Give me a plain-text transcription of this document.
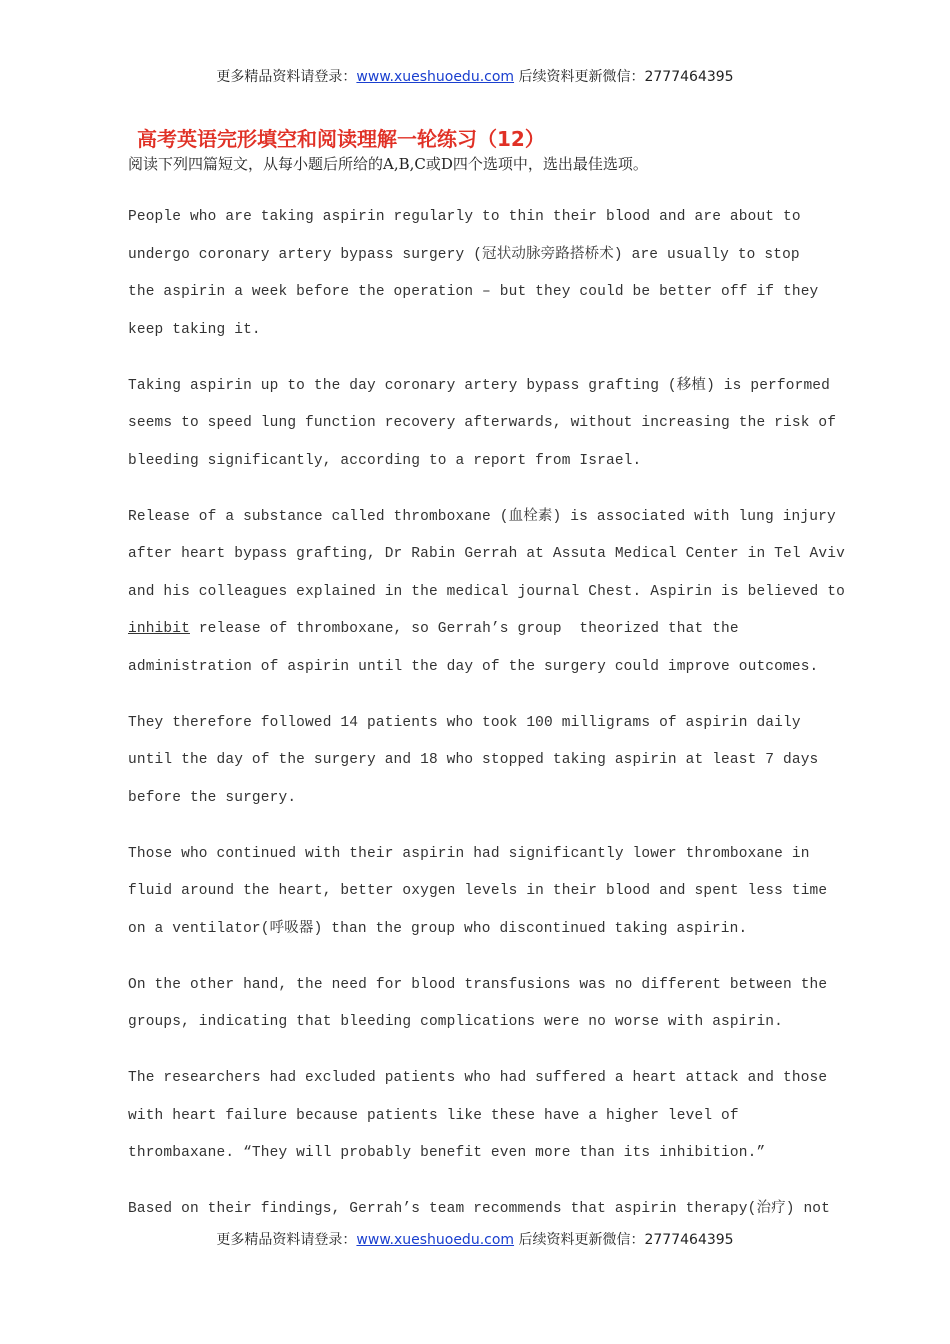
更多精品资料请登录：www.xueshuoedu.com 后续资料更新微信：2777464395
高考英语完形填空和阅读理解一轮练习（12）
阅读下列四篇短文，从每小题后所给的A,B,C或D四个选项中，选出最佳选项。
People who are taking aspirin regularly to thin their blood and are about to
undergo coronary artery bypass surgery (冠状动脉旁路搭桥术) are usually to stop
the aspirin a week before the operation – but they could be better off if they
keep taking it.
Taking aspirin up to the day coronary artery bypass grafting (移植) is performed
seems to speed lung function recovery afterwards, without increasing the risk of
bleeding significantly, according to a report from Israel.
Release of a substance called thromboxane (血栓素) is associated with lung injury
after heart bypass grafting, Dr Rabin Gerrah at Assuta Medical Center in Tel Aviv
and his colleagues explained in the medical journal Chest. Aspirin is believed to
inhibit release of thromboxane, so Gerrah’s group  theorized that the
administration of aspirin until the day of the surgery could improve outcomes.
They therefore followed 14 patients who took 100 milligrams of aspirin daily
until the day of the surgery and 18 who stopped taking aspirin at least 7 days
before the surgery.
Those who continued with their aspirin had significantly lower thromboxane in
fluid around the heart, better oxygen levels in their blood and spent less time
on a ventilator(呼吸器) than the group who discontinued taking aspirin.
On the other hand, the need for blood transfusions was no different between the
groups, indicating that bleeding complications were no worse with aspirin.
The researchers had excluded patients who had suffered a heart attack and those
with heart failure because patients like these have a higher level of
thrombaxane. “They will probably benefit even more than its inhibition.”
Based on their findings, Gerrah’s team recommends that aspirin therapy(治疗) not
更多精品资料请登录：www.xueshuoedu.com 后续资料更新微信：2777464395
